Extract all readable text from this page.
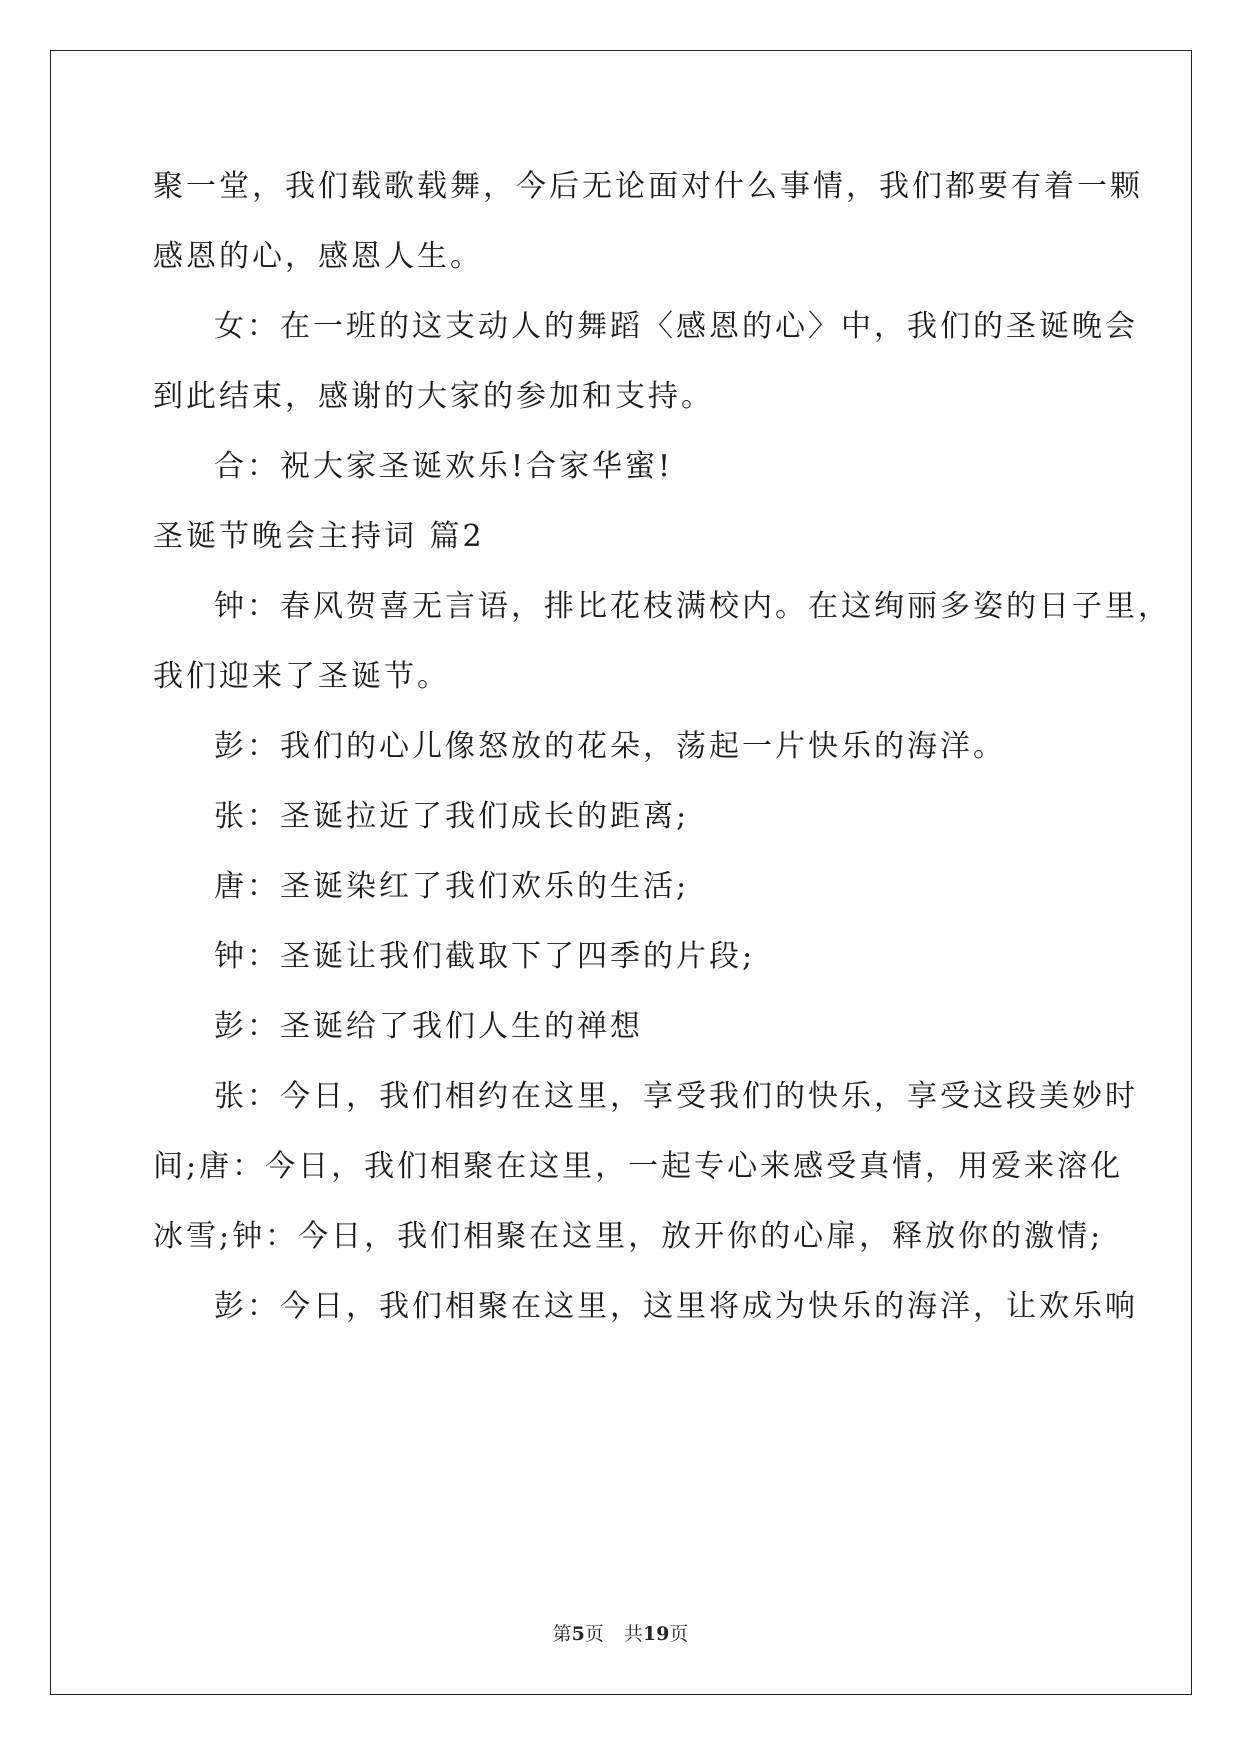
聚一堂，我们载歌载舞，今后无论面对什么事情，我们都要有着一颗
感恩的心，感恩人生。
女：在一班的这支动人的舞蹈〈感恩的心〉中，我们的圣诞晚会
到此结束，感谢的大家的参加和支持。
合：祝大家圣诞欢乐!合家华蜜!
圣诞节晚会主持词 篇2
钟：春风贺喜无言语，排比花枝满校内。在这绚丽多姿的日子里，
我们迎来了圣诞节。
彭：我们的心儿像怒放的花朵，荡起一片快乐的海洋。
张：圣诞拉近了我们成长的距离;
唐：圣诞染红了我们欢乐的生活;
钟：圣诞让我们截取下了四季的片段;
彭：圣诞给了我们人生的禅想
张：今日，我们相约在这里，享受我们的快乐，享受这段美妙时
间;唐：今日，我们相聚在这里，一起专心来感受真情，用爱来溶化
冰雪;钟：今日，我们相聚在这里，放开你的心扉，释放你的激情;
彭：今日，我们相聚在这里，这里将成为快乐的海洋，让欢乐响
第5页 共19页
